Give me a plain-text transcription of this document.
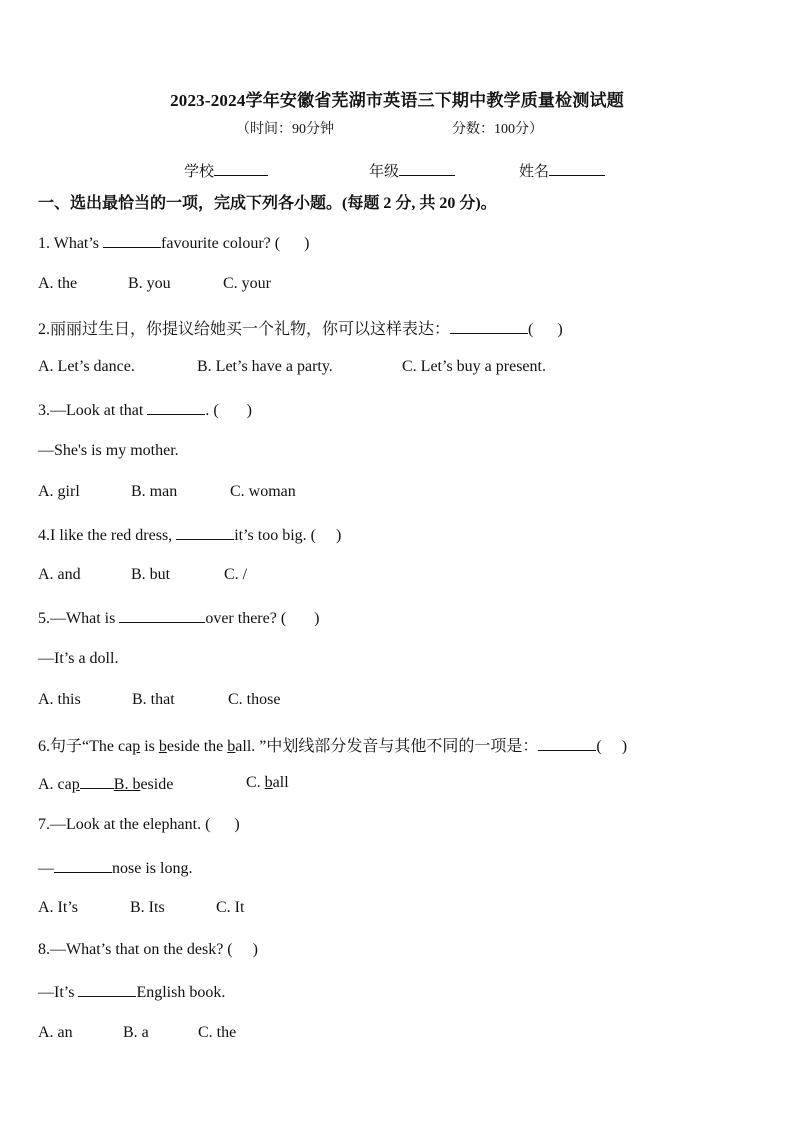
2023-2024学年安徽省芜湖市英语三下期中教学质量检测试题
（时间：90分钟	分数：100分）
学校	年级	姓名
一、选出最恰当的一项，完成下列各小题。(每题 2 分, 共 20 分)。
1. What’s	favourite colour? (      )
A. the	B. you	C. your
2.丽丽过生日，你提议给她买一个礼物，你可以这样表达：	(      )
A. Let’s dance.	B. Let’s have a party.	C. Let’s buy a present.
3.—Look at that	. (       )
—She's is my mother.
A. girl	B. man	C. woman
4.I like the red dress,	it’s too big. (     )
A. and	B. but	C. /
5.—What is	over there? (       )
—It’s a doll.
A. this	B. that	C. those
6.句子“The cap is beside the ball. ”中划线部分发音与其他不同的一项是：	(     )
A. cap B. beside	C. ball
7.—Look at the elephant. (      )
—	nose is long.
A. It’s	B. Its	C. It
8.—What’s that on the desk? (     )
—It’s	English book.
A. an	B. a	C. the
